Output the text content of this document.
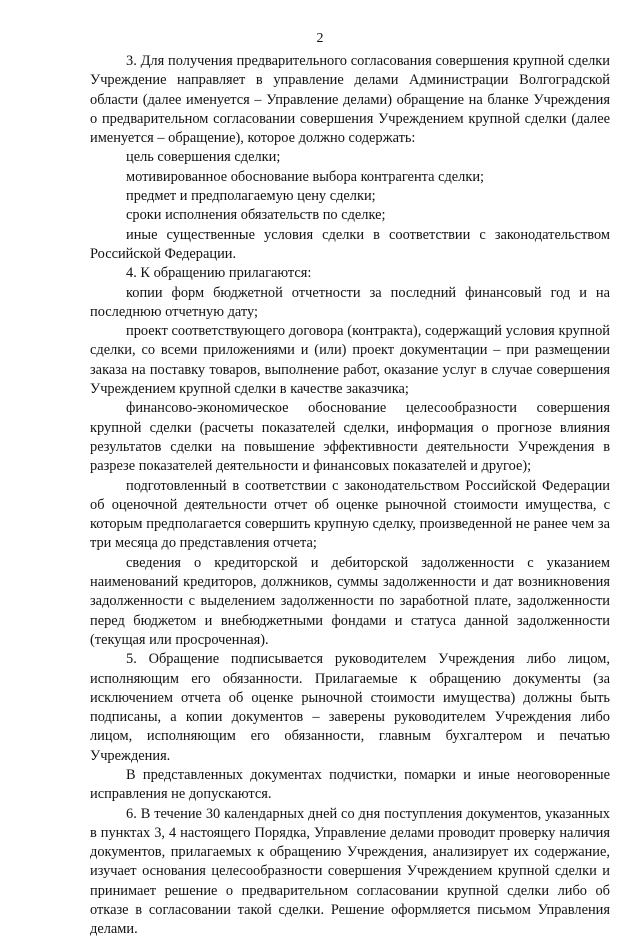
2

3. Для получения предварительного согласования совершения крупной сделки Учреждение направляет в управление делами Администрации Волгоградской области (далее именуется – Управление делами) обращение на бланке Учреждения о предварительном согласовании совершения Учреждением крупной сделки (далее именуется – обращение), которое должно содержать:

цель совершения сделки;

мотивированное обоснование выбора контрагента сделки;

предмет и предполагаемую цену сделки;

сроки исполнения обязательств по сделке;

иные существенные условия сделки в соответствии с законодательством Российской Федерации.

4. К обращению прилагаются:

копии форм бюджетной отчетности за последний финансовый год и на последнюю отчетную дату;

проект соответствующего договора (контракта), содержащий условия крупной сделки, со всеми приложениями и (или) проект документации – при размещении заказа на поставку товаров, выполнение работ, оказание услуг в случае совершения Учреждением крупной сделки в качестве заказчика;

финансово-экономическое обоснование целесообразности совершения крупной сделки (расчеты показателей сделки, информация о прогнозе влияния результатов сделки на повышение эффективности деятельности Учреждения в разрезе показателей деятельности и финансовых показателей и другое);

подготовленный в соответствии с законодательством Российской Федерации об оценочной деятельности отчет об оценке рыночной стоимости имущества, с которым предполагается совершить крупную сделку, произведенной не ранее чем за три месяца до представления отчета;

сведения о кредиторской и дебиторской задолженности с указанием наименований кредиторов, должников, суммы задолженности и дат возникновения задолженности с выделением задолженности по заработной плате, задолженности перед бюджетом и внебюджетными фондами и статуса данной задолженности (текущая или просроченная).

5. Обращение подписывается руководителем Учреждения либо лицом, исполняющим его обязанности. Прилагаемые к обращению документы (за исключением отчета об оценке рыночной стоимости имущества) должны быть подписаны, а копии документов – заверены руководителем Учреждения либо лицом, исполняющим его обязанности, главным бухгалтером и печатью Учреждения.

В представленных документах подчистки, помарки и иные неоговоренные исправления не допускаются.

6. В течение 30 календарных дней со дня поступления документов, указанных в пунктах 3, 4 настоящего Порядка, Управление делами проводит проверку наличия документов, прилагаемых к обращению Учреждения, анализирует их содержание, изучает основания целесообразности совершения Учреждением крупной сделки и принимает решение о предварительном согласовании крупной сделки либо об отказе в согласовании такой сделки. Решение оформляется письмом Управления делами.
